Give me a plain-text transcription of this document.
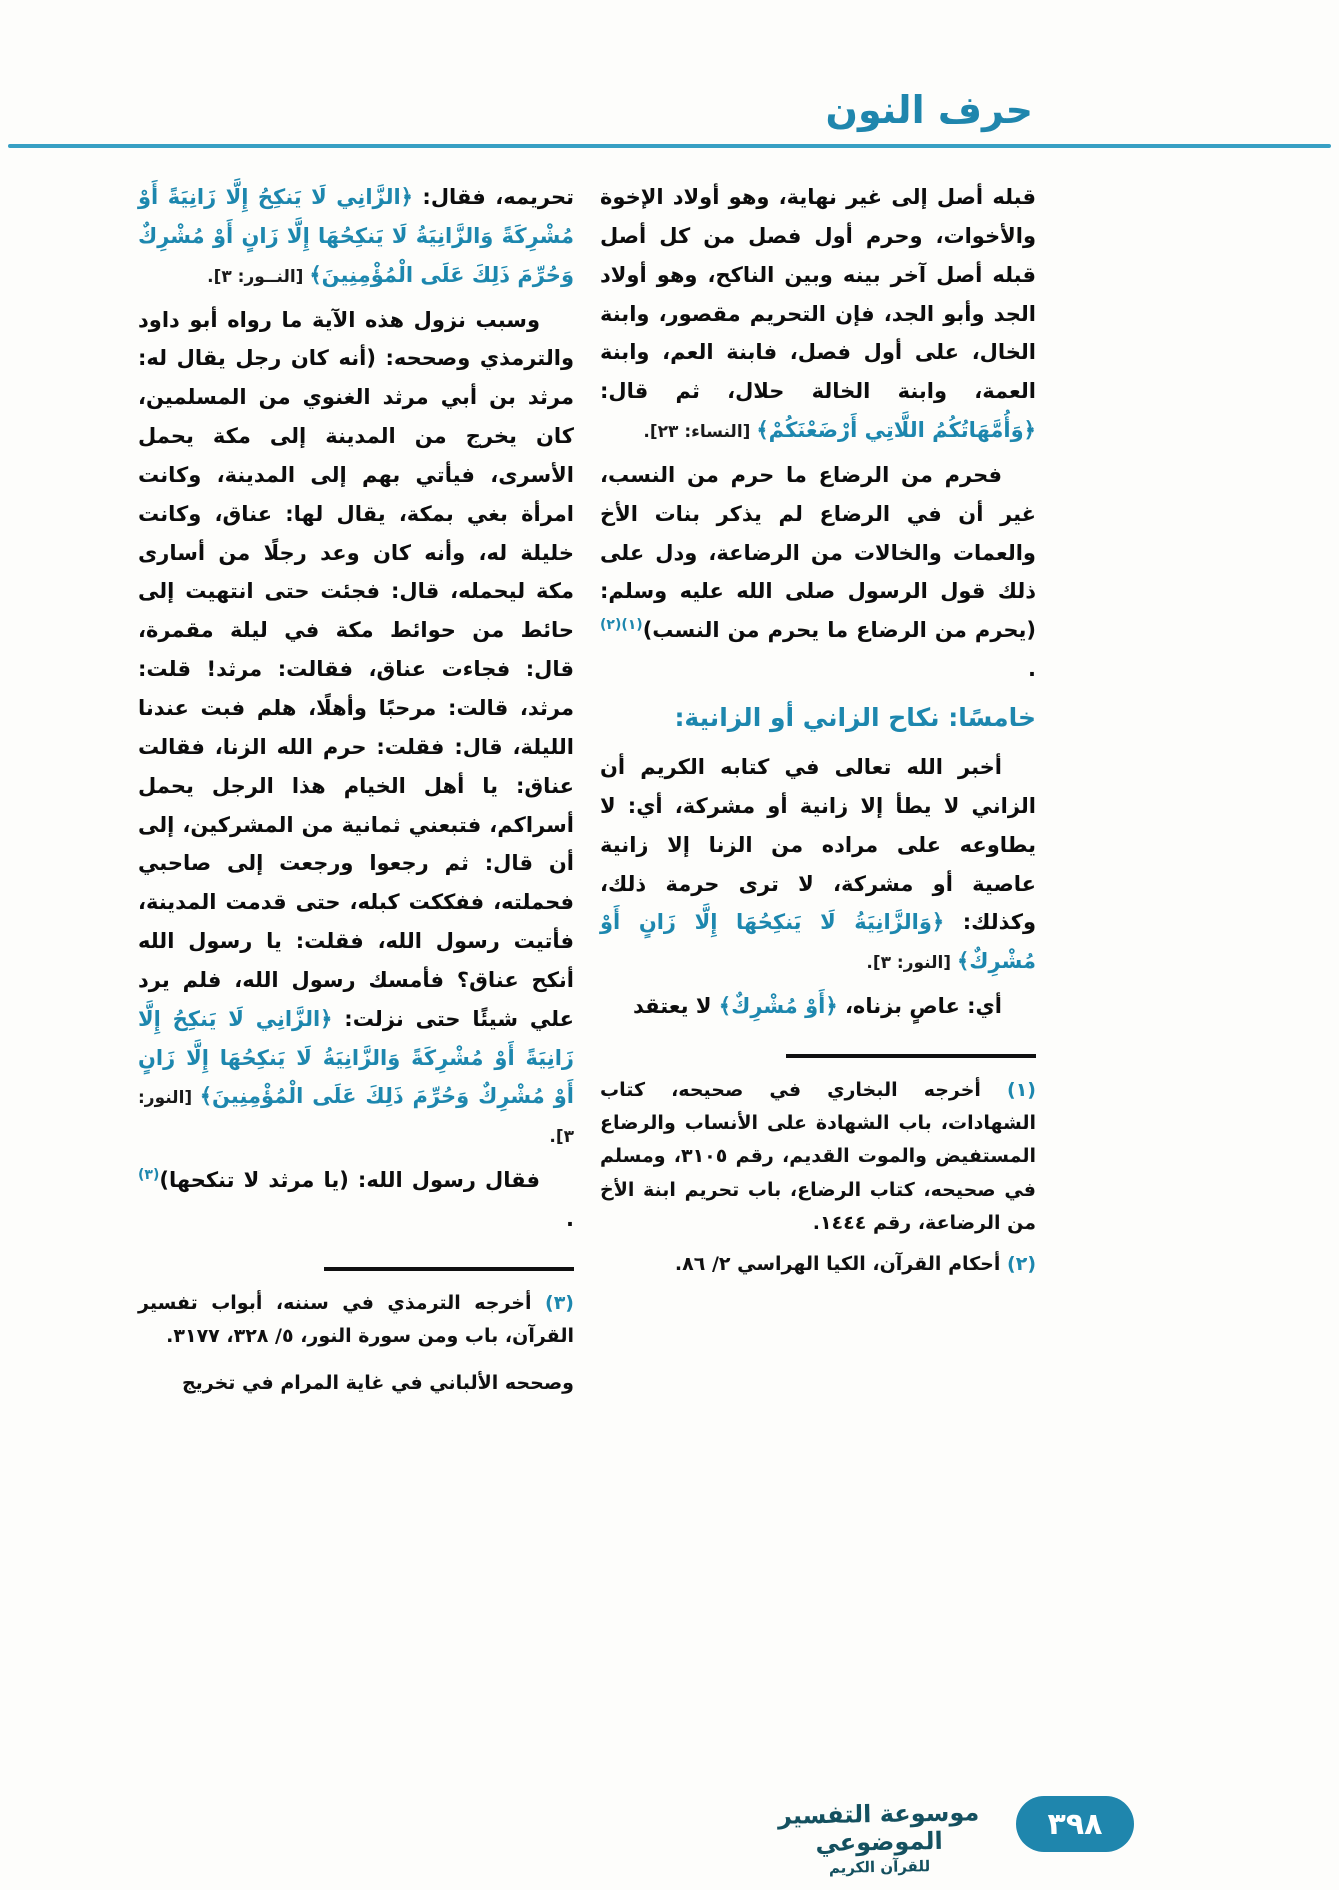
حرف النون

قبله أصل إلى غير نهاية، وهو أولاد الإخوة والأخوات، وحرم أول فصل من كل أصل قبله أصل آخر بينه وبين الناكح، وهو أولاد الجد وأبو الجد، فإن التحريم مقصور، وابنة الخال، على أول فصل، فابنة العم، وابنة العمة، وابنة الخالة حلال، ثم قال: ﴿وَأُمَّهَاتُكُمُ اللَّاتِي أَرْضَعْنَكُمْ﴾ [النساء: ٢٣].

فحرم من الرضاع ما حرم من النسب، غير أن في الرضاع لم يذكر بنات الأخ والعمات والخالات من الرضاعة، ودل على ذلك قول الرسول صلى الله عليه وسلم: (يحرم من الرضاع ما يحرم من النسب)$^{(١)(٢)}$ .

خامسًا: نكاح الزاني أو الزانية:

أخبر الله تعالى في كتابه الكريم أن الزاني لا يطأ إلا زانية أو مشركة، أي: لا يطاوعه على مراده من الزنا إلا زانية عاصية أو مشركة، لا ترى حرمة ذلك، وكذلك: ﴿وَالزَّانِيَةُ لَا يَنكِحُهَا إِلَّا زَانٍ أَوْ مُشْرِكٌ﴾ [النور: ٣].

أي: عاصٍ بزناه، ﴿أَوْ مُشْرِكٌ﴾ لا يعتقد

(١) أخرجه البخاري في صحيحه، كتاب الشهادات، باب الشهادة على الأنساب والرضاع المستفيض والموت القديم، رقم ٣١٠٥، ومسلم في صحيحه، كتاب الرضاع، باب تحريم ابنة الأخ من الرضاعة، رقم ١٤٤٤.

(٢) أحكام القرآن، الكيا الهراسي ٢/ ٨٦.

تحريمه، فقال: ﴿الزَّانِي لَا يَنكِحُ إِلَّا زَانِيَةً أَوْ مُشْرِكَةً وَالزَّانِيَةُ لَا يَنكِحُهَا إِلَّا زَانٍ أَوْ مُشْرِكٌ وَحُرِّمَ ذَلِكَ عَلَى الْمُؤْمِنِينَ﴾ [النــور: ٣].

وسبب نزول هذه الآية ما رواه أبو داود والترمذي وصححه: (أنه كان رجل يقال له: مرثد بن أبي مرثد الغنوي من المسلمين، كان يخرج من المدينة إلى مكة يحمل الأسرى، فيأتي بهم إلى المدينة، وكانت امرأة بغي بمكة، يقال لها: عناق، وكانت خليلة له، وأنه كان وعد رجلًا من أسارى مكة ليحمله، قال: فجئت حتى انتهيت إلى حائط من حوائط مكة في ليلة مقمرة، قال: فجاءت عناق، فقالت: مرثد! قلت: مرثد، قالت: مرحبًا وأهلًا، هلم فبت عندنا الليلة، قال: فقلت: حرم الله الزنا، فقالت عناق: يا أهل الخيام هذا الرجل يحمل أسراكم، فتبعني ثمانية من المشركين، إلى أن قال: ثم رجعوا ورجعت إلى صاحبي فحملته، ففككت كبله، حتى قدمت المدينة، فأتيت رسول الله، فقلت: يا رسول الله أنكح عناق؟ فأمسك رسول الله، فلم يرد علي شيئًا حتى نزلت: ﴿الزَّانِي لَا يَنكِحُ إِلَّا زَانِيَةً أَوْ مُشْرِكَةً وَالزَّانِيَةُ لَا يَنكِحُهَا إِلَّا زَانٍ أَوْ مُشْرِكٌ وَحُرِّمَ ذَلِكَ عَلَى الْمُؤْمِنِينَ﴾ [النور: ٣].

فقال رسول الله: (يا مرثد لا تنكحها)$^{(٣)}$ .

(٣) أخرجه الترمذي في سننه، أبواب تفسير القرآن، باب ومن سورة النور، ٥/ ٣٢٨، ٣١٧٧.

وصححه الألباني في غاية المرام في تخريج

موسوعة التفسير الموضوعي
للقرآن الكريم
٣٩٨
